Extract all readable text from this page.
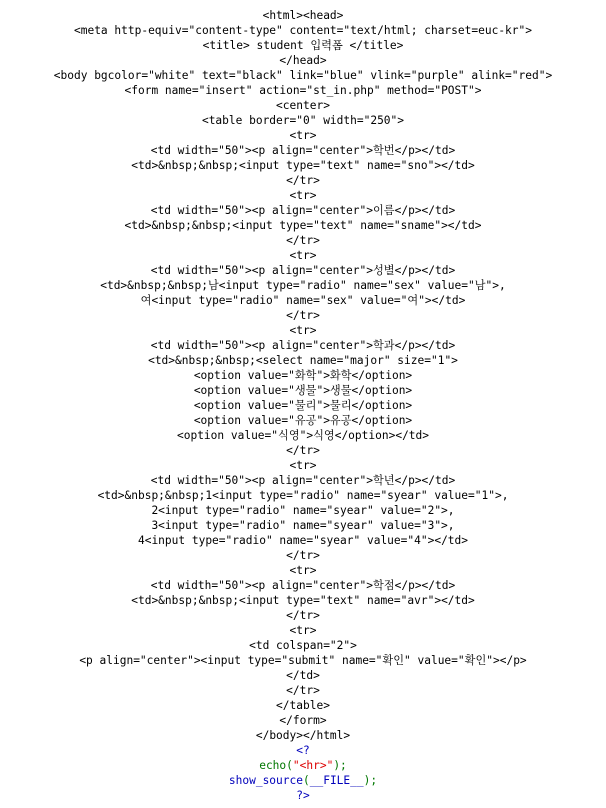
<html><head>
<meta http-equiv="content-type" content="text/html; charset=euc-kr">
<title> student 입력폼 </title>
</head>
<body bgcolor="white" text="black" link="blue" vlink="purple" alink="red">
<form name="insert" action="st_in.php" method="POST">
<center>
<table border="0" width="250">
<tr>
<td width="50"><p align="center">학번</p></td>
<td>&nbsp;&nbsp;<input type="text" name="sno"></td>
</tr>
<tr>
<td width="50"><p align="center">이름</p></td>
<td>&nbsp;&nbsp;<input type="text" name="sname"></td>
</tr>
<tr>
<td width="50"><p align="center">성별</p></td>
<td>&nbsp;&nbsp;남<input type="radio" name="sex" value="남">,
여<input type="radio" name="sex" value="여"></td>
</tr>
<tr>
<td width="50"><p align="center">학과</p></td>
<td>&nbsp;&nbsp;<select name="major" size="1">
<option value="화학">화학</option>
<option value="생물">생물</option>
<option value="물리">물리</option>
<option value="유공">유공</option>
<option value="식영">식영</option></td>
</tr>
<tr>
<td width="50"><p align="center">학년</p></td>
<td>&nbsp;&nbsp;1<input type="radio" name="syear" value="1">,
2<input type="radio" name="syear" value="2">,
3<input type="radio" name="syear" value="3">,
4<input type="radio" name="syear" value="4"></td>
</tr>
<tr>
<td width="50"><p align="center">학점</p></td>
<td>&nbsp;&nbsp;<input type="text" name="avr"></td>
</tr>
<tr>
<td colspan="2">
<p align="center"><input type="submit" name="확인" value="확인"></p>
</td>
</tr>
</table>
</form>
</body></html>
<?
echo("<hr>");
show_source(__FILE__);
?>
